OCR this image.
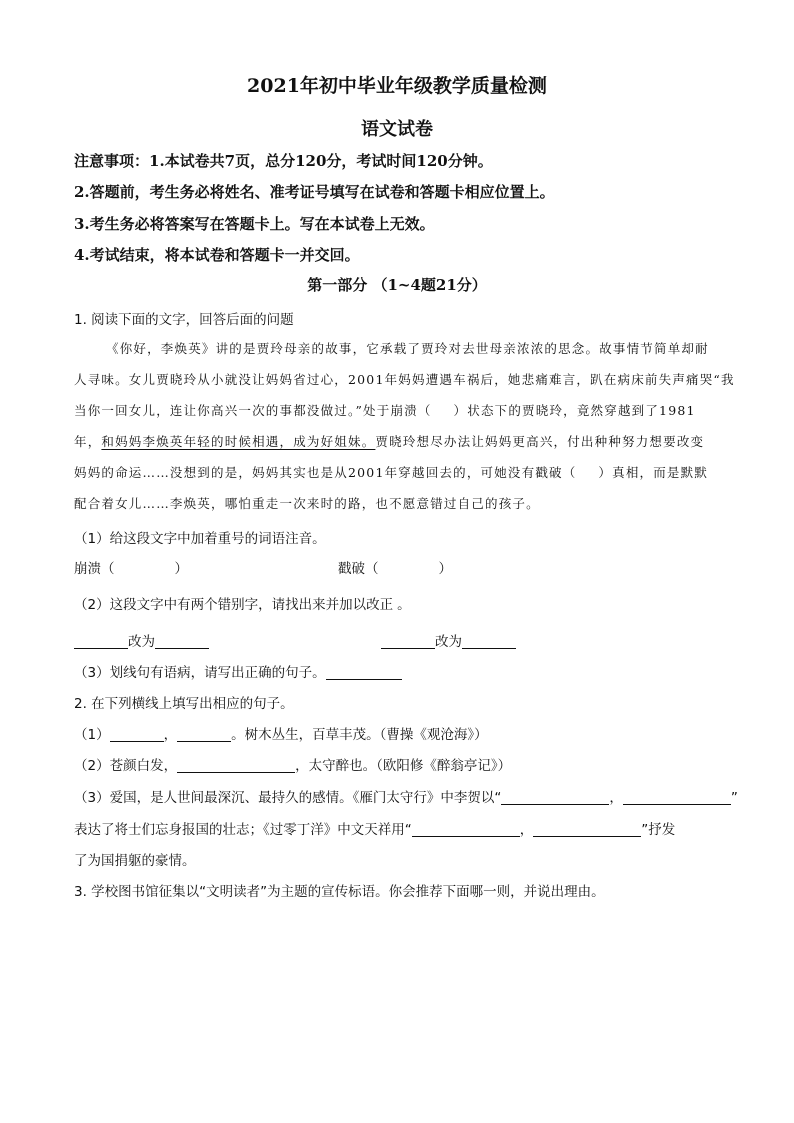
2021年初中毕业年级教学质量检测
语文试卷
注意事项：1.本试卷共7页，总分120分，考试时间120分钟。
2.答题前，考生务必将姓名、准考证号填写在试卷和答题卡相应位置上。
3.考生务必将答案写在答题卡上。写在本试卷上无效。
4.考试结束，将本试卷和答题卡一并交回。
第一部分 （1~4题21分）
1. 阅读下面的文字，回答后面的问题
《你好，李焕英》讲的是贾玲母亲的故事，它承载了贾玲对去世母亲浓浓的思念。故事情节简单却耐
人寻味。女儿贾晓玲从小就没让妈妈省过心，2001年妈妈遭遇车祸后，她悲痛难言，趴在病床前失声痛哭“我
当你一回女儿，连让你高兴一次的事都没做过。”处于崩溃（ ）状态下的贾晓玲，竟然穿越到了1981
年，和妈妈李焕英年轻的时候相遇，成为好姐妹。贾晓玲想尽办法让妈妈更高兴，付出种种努力想要改变
妈妈的命运……没想到的是，妈妈其实也是从2001年穿越回去的，可她没有戳破（ ）真相，而是默默
配合着女儿……李焕英，哪怕重走一次来时的路，也不愿意错过自己的孩子。
（1）给这段文字中加着重号的词语注音。
崩溃（	）	戳破（	）
（2）这段文字中有两个错别字，请找出来并加以改正 。
改为	改为
（3）划线句有语病，请写出正确的句子。
2. 在下列横线上填写出相应的句子。
（1）	，	。树木丛生，百草丰茂。（曹操《观沧海》）
（2）苍颜白发，	，太守醉也。（欧阳修《醉翁亭记》）
（3）爱国，是人世间最深沉、最持久的感情。《雁门太守行》中李贺以“	，	”
表达了将士们忘身报国的壮志；《过零丁洋》中文天祥用“	，	”抒发
了为国捐躯的豪情。
3. 学校图书馆征集以“文明读者”为主题的宣传标语。你会推荐下面哪一则，并说出理由。
